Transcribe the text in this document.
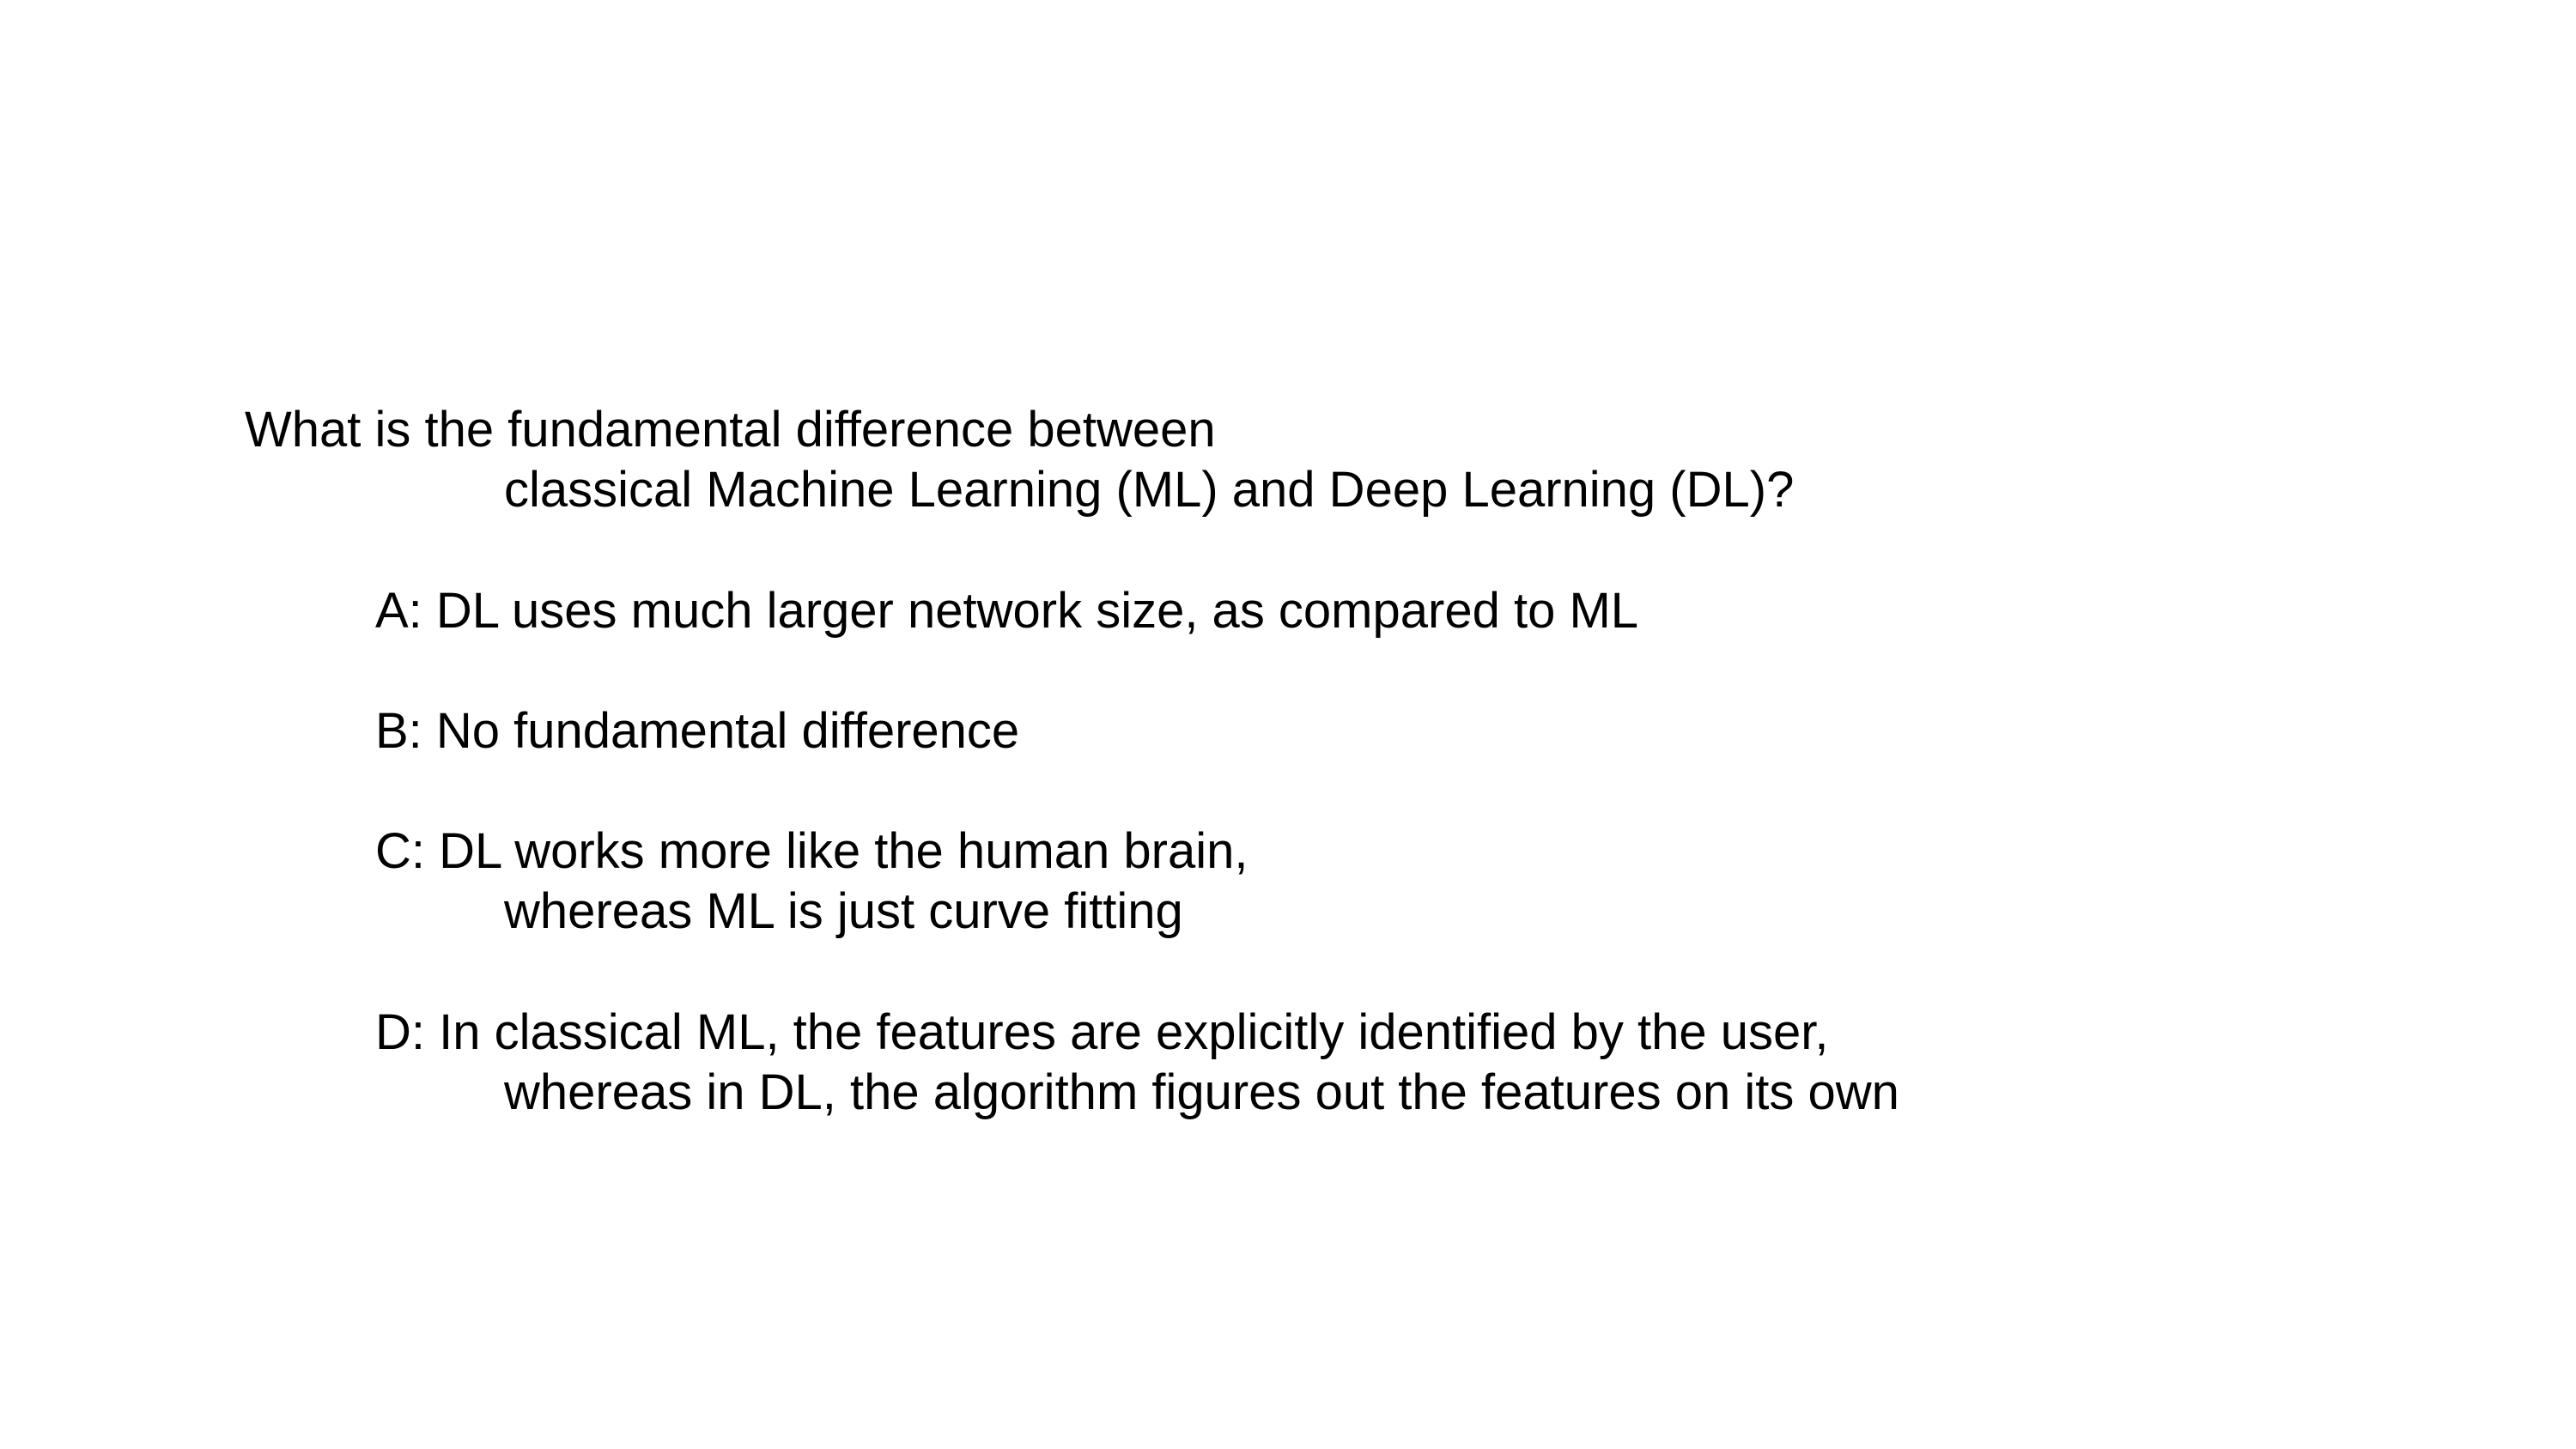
What is the fundamental difference between
classical Machine Learning (ML) and Deep Learning (DL)?
A: DL uses much larger network size, as compared to ML
B: No fundamental difference
C: DL works more like the human brain,
whereas ML is just curve fitting
D: In classical ML, the features are explicitly identified by the user,
whereas in DL, the algorithm figures out the features on its own
